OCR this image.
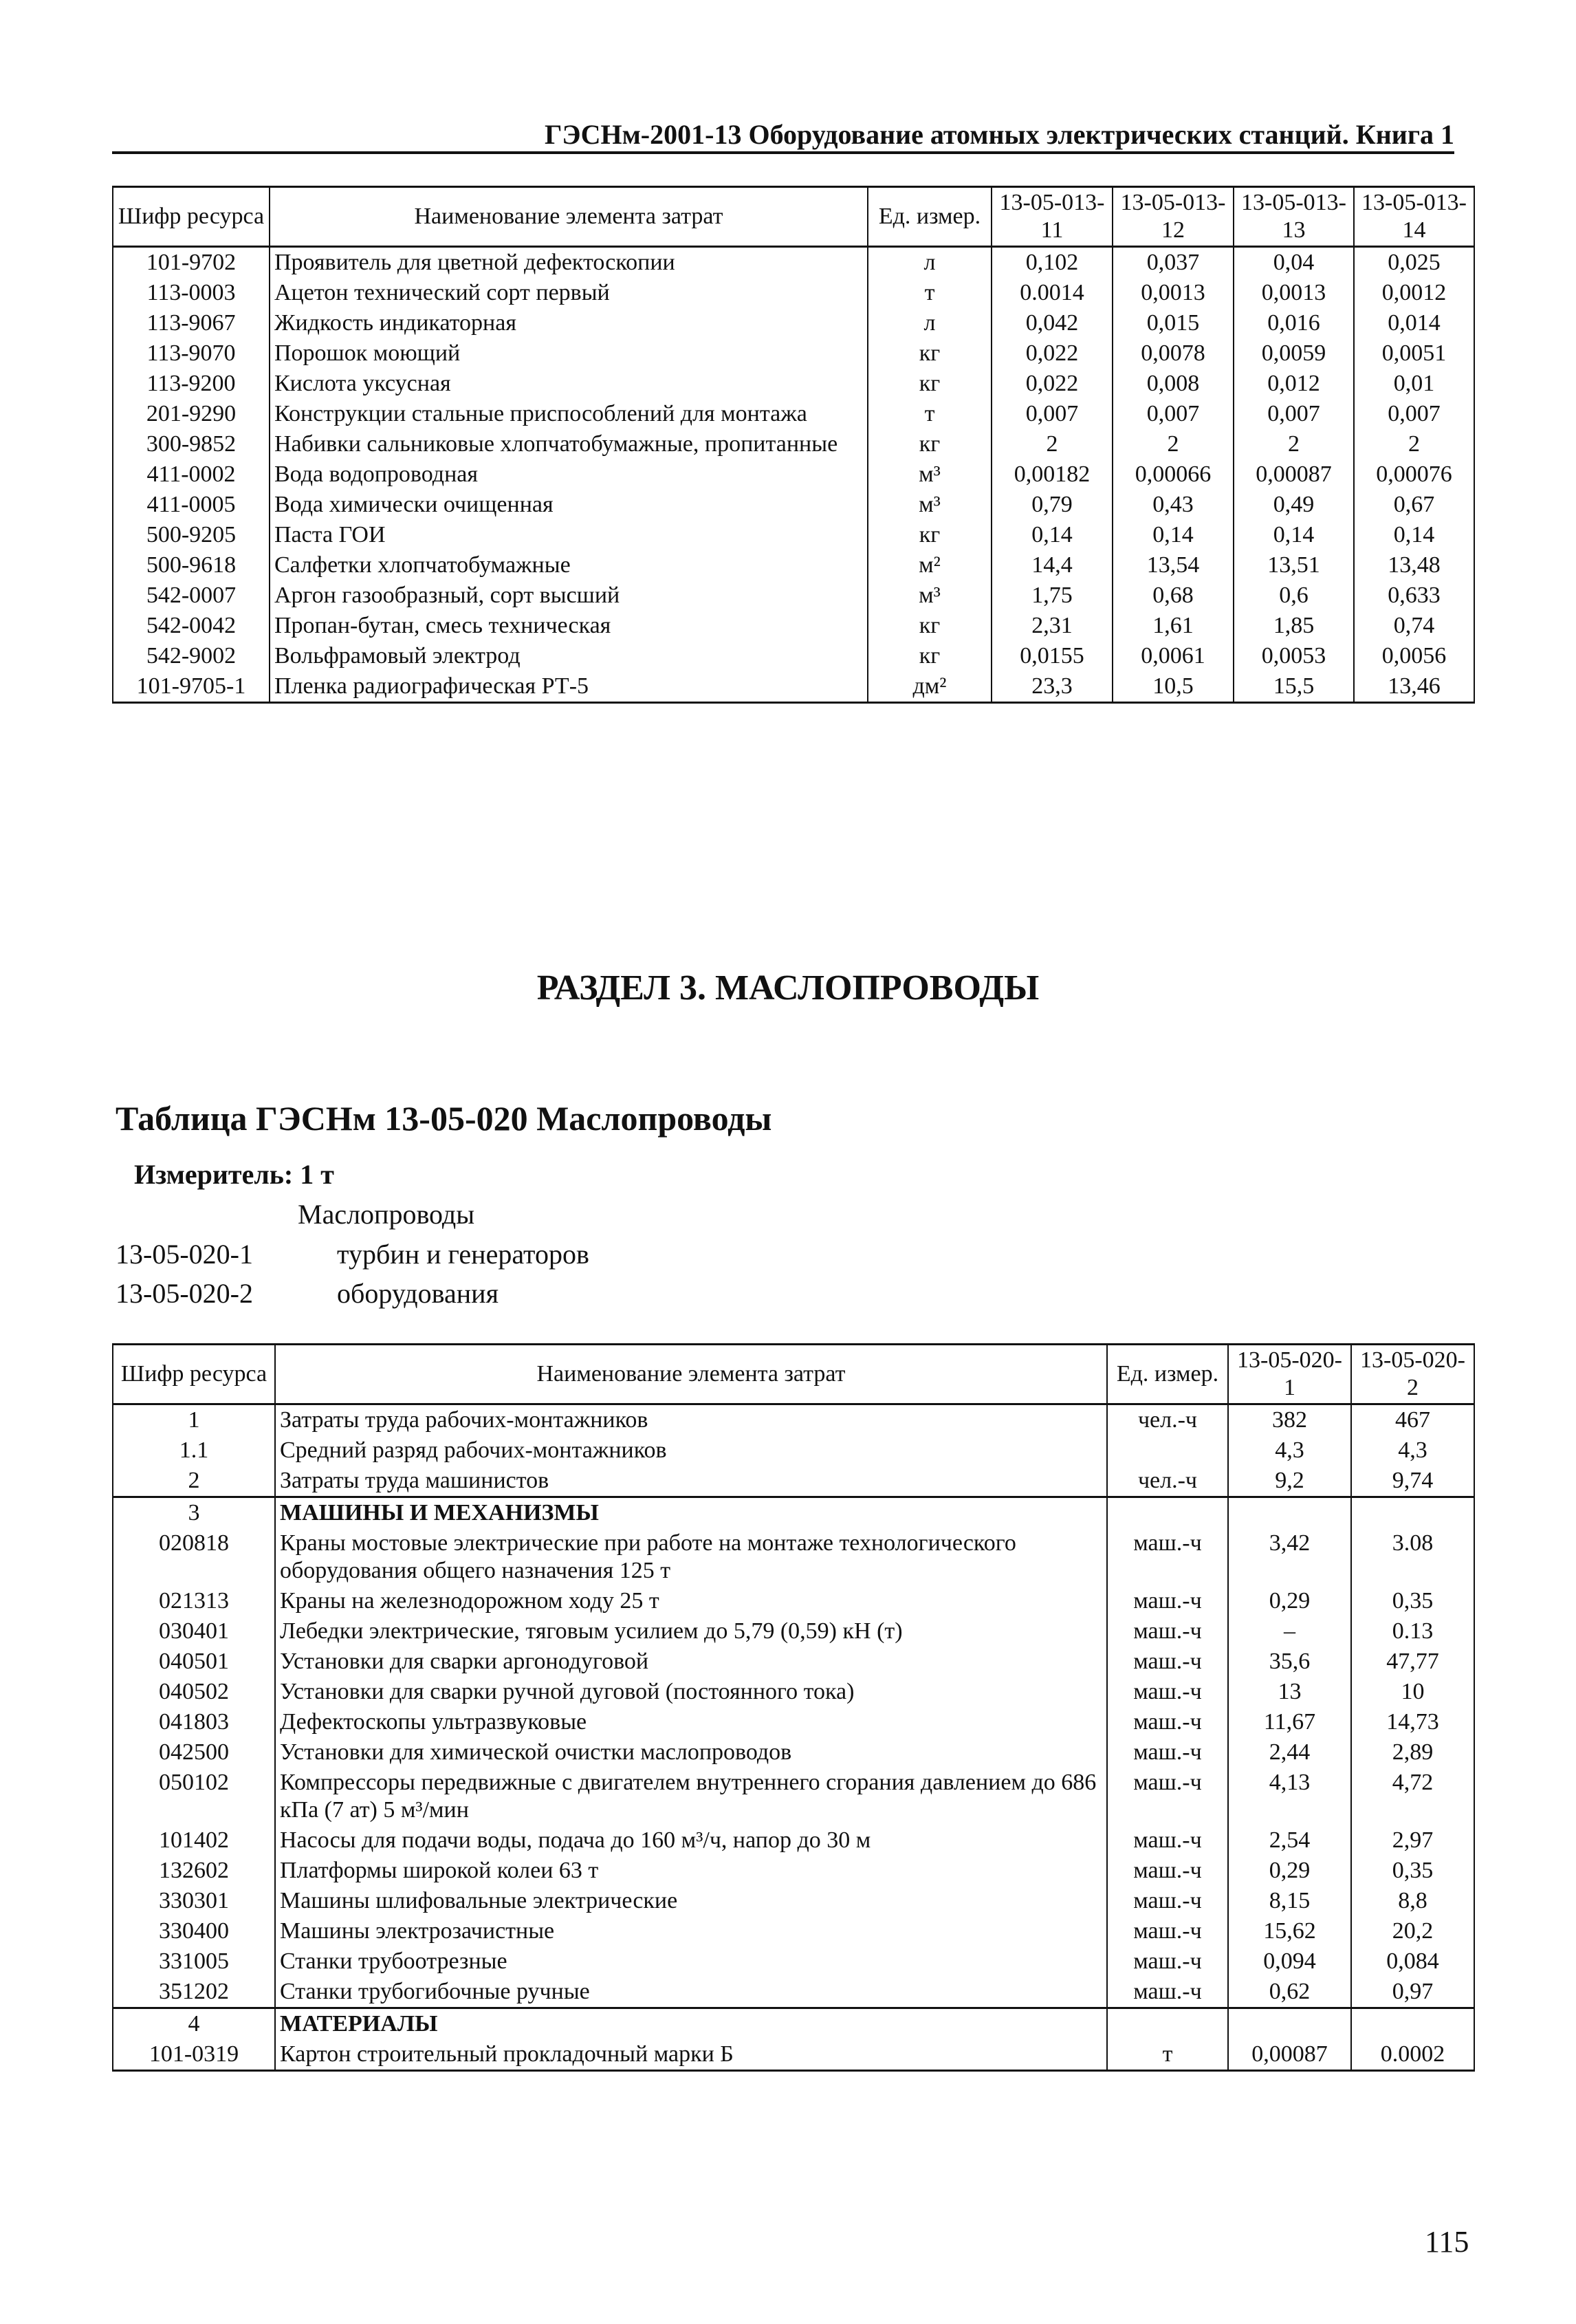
ГЭСНм-2001-13 Оборудование атомных электрических станций. Книга 1
Шифр ресурса	Наименование элемента затрат	Ед. измер.	13-05-013-11	13-05-013-12	13-05-013-13	13-05-013-14
101-9702	Проявитель для цветной дефектоскопии	л	0,102	0,037	0,04	0,025
113-0003	Ацетон технический сорт первый	т	0.0014	0,0013	0,0013	0,0012
113-9067	Жидкость индикаторная	л	0,042	0,015	0,016	0,014
113-9070	Порошок моющий	кг	0,022	0,0078	0,0059	0,0051
113-9200	Кислота уксусная	кг	0,022	0,008	0,012	0,01
201-9290	Конструкции стальные приспособлений для монтажа	т	0,007	0,007	0,007	0,007
300-9852	Набивки сальниковые хлопчатобумажные, пропитанные	кг	2	2	2	2
411-0002	Вода водопроводная	м³	0,00182	0,00066	0,00087	0,00076
411-0005	Вода химически очищенная	м³	0,79	0,43	0,49	0,67
500-9205	Паста ГОИ	кг	0,14	0,14	0,14	0,14
500-9618	Салфетки хлопчатобумажные	м²	14,4	13,54	13,51	13,48
542-0007	Аргон газообразный, сорт высший	м³	1,75	0,68	0,6	0,633
542-0042	Пропан-бутан, смесь техническая	кг	2,31	1,61	1,85	0,74
542-9002	Вольфрамовый электрод	кг	0,0155	0,0061	0,0053	0,0056
101-9705-1	Пленка радиографическая РТ-5	дм²	23,3	10,5	15,5	13,46
РАЗДЕЛ 3. МАСЛОПРОВОДЫ
Таблица ГЭСНм 13-05-020 Маслопроводы
Измеритель: 1 т
Маслопроводы
13-05-020-1	турбин и генераторов
13-05-020-2	оборудования
Шифр ресурса	Наименование элемента затрат	Ед. измер.	13-05-020-1	13-05-020-2
1	Затраты труда рабочих-монтажников	чел.-ч	382	467
1.1	Средний разряд рабочих-монтажников		4,3	4,3
2	Затраты труда машинистов	чел.-ч	9,2	9,74
3	МАШИНЫ И МЕХАНИЗМЫ			
020818	Краны мостовые электрические при работе на монтаже технологического оборудования общего назначения 125 т	маш.-ч	3,42	3.08
021313	Краны на железнодорожном ходу 25 т	маш.-ч	0,29	0,35
030401	Лебедки электрические, тяговым усилием до 5,79 (0,59) кН (т)	маш.-ч	–	0.13
040501	Установки для сварки аргонодуговой	маш.-ч	35,6	47,77
040502	Установки для сварки ручной дуговой (постоянного тока)	маш.-ч	13	10
041803	Дефектоскопы ультразвуковые	маш.-ч	11,67	14,73
042500	Установки для химической очистки маслопроводов	маш.-ч	2,44	2,89
050102	Компрессоры передвижные с двигателем внутреннего сгорания давлением до 686 кПа (7 ат) 5 м³/мин	маш.-ч	4,13	4,72
101402	Насосы для подачи воды, подача до 160 м³/ч, напор до 30 м	маш.-ч	2,54	2,97
132602	Платформы широкой колеи 63 т	маш.-ч	0,29	0,35
330301	Машины шлифовальные электрические	маш.-ч	8,15	8,8
330400	Машины электрозачистные	маш.-ч	15,62	20,2
331005	Станки трубоотрезные	маш.-ч	0,094	0,084
351202	Станки трубогибочные ручные	маш.-ч	0,62	0,97
4	МАТЕРИАЛЫ			
101-0319	Картон строительный прокладочный марки Б	т	0,00087	0.0002
115
